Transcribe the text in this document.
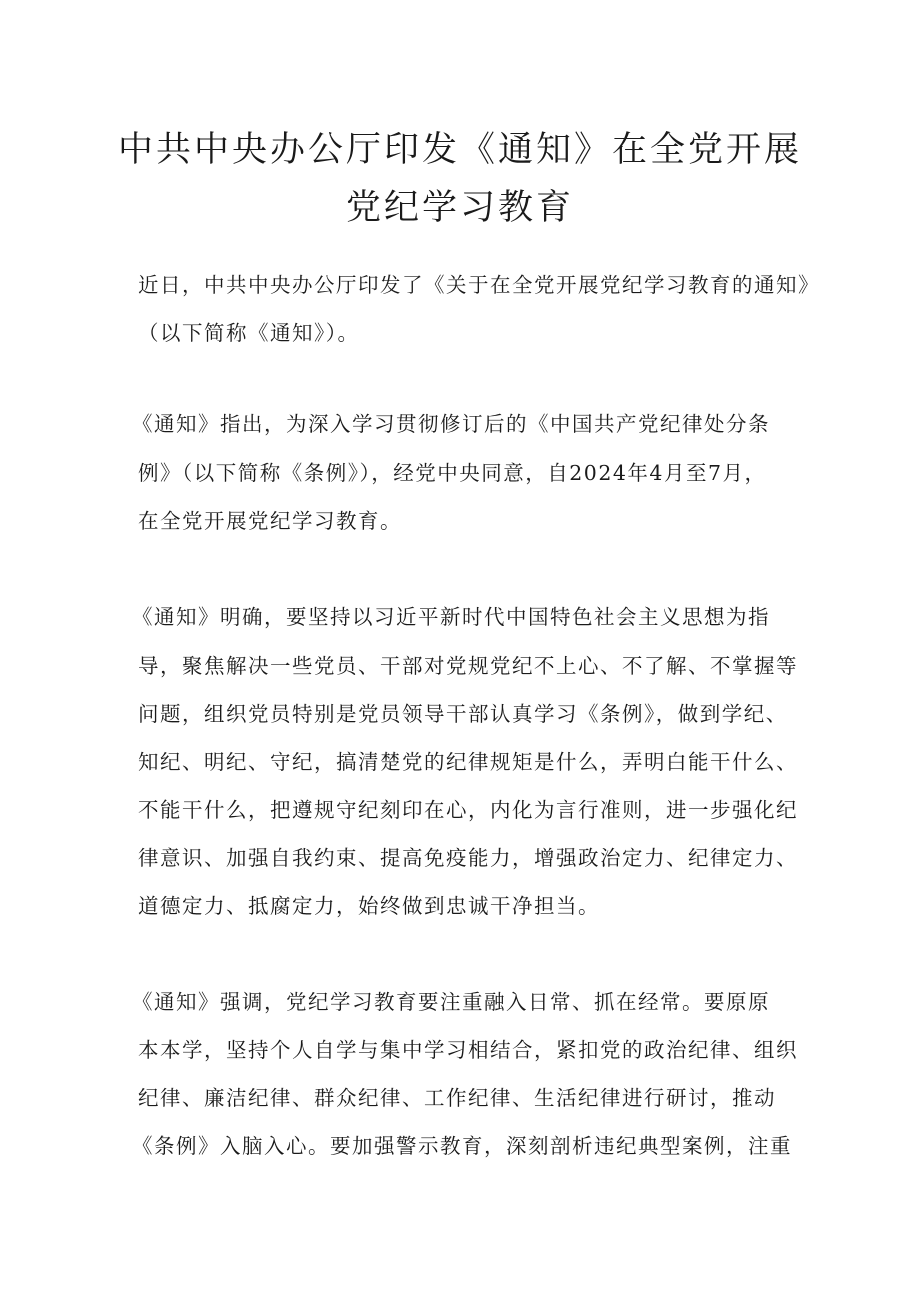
中共中央办公厅印发《通知》在全党开展
党纪学习教育
近日，中共中央办公厅印发了《关于在全党开展党纪学习教育的通知》
（以下简称《通知》）。
《通知》指出，为深入学习贯彻修订后的《中国共产党纪律处分条
例》（以下简称《条例》），经党中央同意，自2024年4月至7月，
在全党开展党纪学习教育。
《通知》明确，要坚持以习近平新时代中国特色社会主义思想为指
导，聚焦解决一些党员、干部对党规党纪不上心、不了解、不掌握等
问题，组织党员特别是党员领导干部认真学习《条例》，做到学纪、
知纪、明纪、守纪，搞清楚党的纪律规矩是什么，弄明白能干什么、
不能干什么，把遵规守纪刻印在心，内化为言行准则，进一步强化纪
律意识、加强自我约束、提高免疫能力，增强政治定力、纪律定力、
道德定力、抵腐定力，始终做到忠诚干净担当。
《通知》强调，党纪学习教育要注重融入日常、抓在经常。要原原
本本学，坚持个人自学与集中学习相结合，紧扣党的政治纪律、组织
纪律、廉洁纪律、群众纪律、工作纪律、生活纪律进行研讨，推动
《条例》入脑入心。要加强警示教育，深刻剖析违纪典型案例，注重
